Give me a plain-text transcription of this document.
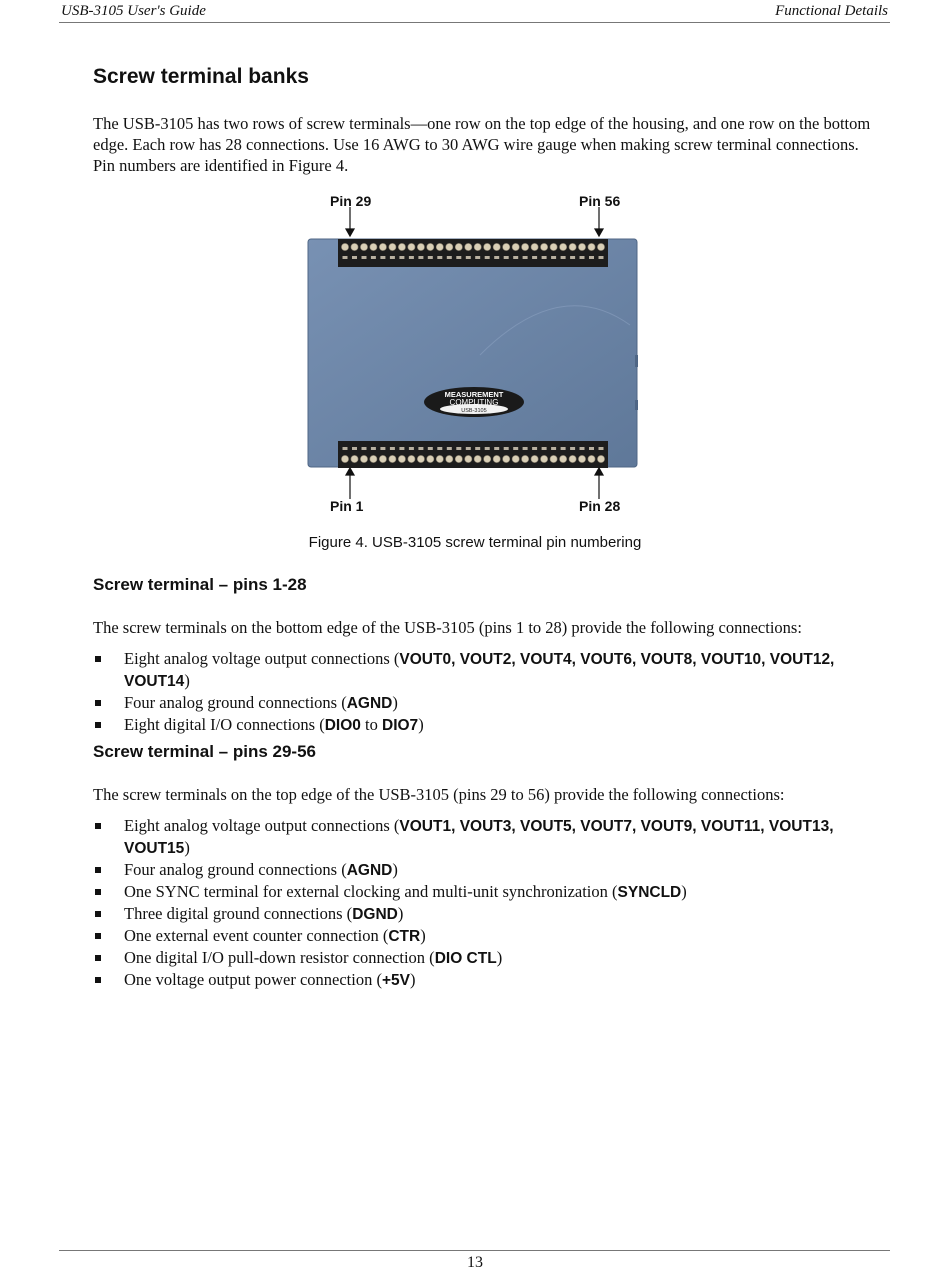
USB-3105 User's Guide	Functional Details
Screw terminal banks

The USB-3105 has two rows of screw terminals—one row on the top edge of the housing, and one row on the bottom edge. Each row has 28 connections. Use 16 AWG to 30 AWG wire gauge when making screw terminal connections. Pin numbers are identified in Figure 4.

Pin 29	Pin 56
MEASUREMENT
COMPUTING
USB-3105
Pin 1	Pin 28
Figure 4. USB-3105 screw terminal pin numbering
Screw terminal – pins 1-28

The screw terminals on the bottom edge of the USB-3105 (pins 1 to 28) provide the following connections:

Eight analog voltage output connections (VOUT0, VOUT2, VOUT4, VOUT6, VOUT8, VOUT10, VOUT12, VOUT14)
Four analog ground connections (AGND)
Eight digital I/O connections (DIO0 to DIO7)
Screw terminal – pins 29-56

The screw terminals on the top edge of the USB-3105 (pins 29 to 56) provide the following connections:

Eight analog voltage output connections (VOUT1, VOUT3, VOUT5, VOUT7, VOUT9, VOUT11, VOUT13, VOUT15)
Four analog ground connections (AGND)
One SYNC terminal for external clocking and multi-unit synchronization (SYNCLD)
Three digital ground connections (DGND)
One external event counter connection (CTR)
One digital I/O pull-down resistor connection (DIO CTL)
One voltage output power connection (+5V)
13
